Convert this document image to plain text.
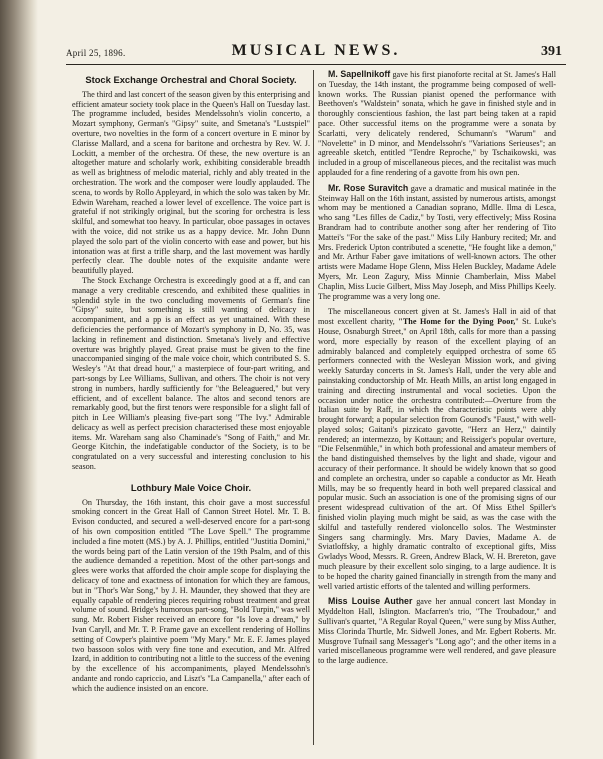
April 25, 1896.	MUSICAL NEWS.	391
Stock Exchange Orchestral and Choral Society.

The third and last concert of the season given by this enterprising and efficient amateur society took place in the Queen's Hall on Tuesday last. The programme included, besides Mendelssohn's violin concerto, a Mozart symphony, German's "Gipsy" suite, and Smetana's "Lustspiel" overture, two novelties in the form of a concert overture in E minor by Clarisse Mallard, and a scena for baritone and orchestra by Rev. W. J. Lockitt, a member of the orchestra. Of these, the new overture is an altogether mature and scholarly work, exhibiting considerable breadth as well as brightness of melodic material, richly and ably treated in the orchestration. The work and the composer were loudly applauded. The scena, to words by Rollo Appleyard, in which the solo was taken by Mr. Edwin Wareham, reached a lower level of excellence. The voice part is grateful if not strikingly original, but the scoring for orchestra is less skilful, and somewhat too heavy. In particular, oboe passages in octaves with the voice, did not strike us as a happy device. Mr. John Dunn played the solo part of the violin concerto with ease and power, but his intonation was at first a trifle sharp, and the last movement was hardly perfectly clear. The double notes of the exquisite andante were beautifully played.

The Stock Exchange Orchestra is exceedingly good at a ff, and can manage a very creditable crescendo, and exhibited these qualities in splendid style in the two concluding movements of German's fine "Gipsy" suite, but something is still wanting of delicacy in accompaniment, and a pp is an effect as yet unattained. With these deficiencies the performance of Mozart's symphony in D, No. 35, was lacking in refinement and distinction. Smetana's lively and effective overture was brightly played. Great praise must be given to the fine unaccompanied singing of the male voice choir, which contributed S. S. Wesley's "At that dread hour," a masterpiece of four-part writing, and part-songs by Lee Williams, Sullivan, and others. The choir is not very strong in numbers, hardly sufficiently for "the Beleaguered," but very efficient, and of excellent balance. The altos and second tenors are remarkably good, but the first tenors were responsible for a slight fall of pitch in Lee William's pleasing five-part song "The Ivy." Admirable delicacy as well as perfect precision characterised these most enjoyable items. Mr. Wareham sang also Chaminade's "Song of Faith," and Mr. George Kitchin, the indefatigable conductor of the Society, is to be congratulated on a very successful and interesting conclusion to his season.

Lothbury Male Voice Choir.

On Thursday, the 16th instant, this choir gave a most successful smoking concert in the Great Hall of Cannon Street Hotel. Mr. T. B. Evison conducted, and secured a well-deserved encore for a part-song of his own composition entitled "The Love Spell." The programme included a fine motett (MS.) by A. J. Phillips, entitled "Justitia Domini," the words being part of the Latin version of the 19th Psalm, and of this the audience demanded a repetition. Most of the other part-songs and glees were works that afforded the choir ample scope for displaying the delicacy of tone and exactness of intonation for which they are famous, but in "Thor's War Song," by J. H. Maunder, they showed that they are equally capable of rendering pieces requiring robust treatment and great volume of sound. Bridge's humorous part-song, "Bold Turpin," was well sung. Mr. Robert Fisher received an encore for "Is love a dream," by Ivan Caryll, and Mr. T. P. Frame gave an excellent rendering of Hollins setting of Cowper's plaintive poem "My Mary." Mr. E. F. James played two bassoon solos with very fine tone and execution, and Mr. Alfred Izard, in addition to contributing not a little to the success of the evening by the excellence of his accompaniments, played Mendelssohn's andante and rondo capriccio, and Liszt's "La Campanella," after each of which the audience insisted on an encore.

M. Sapellnikoff gave his first pianoforte recital at St. James's Hall on Tuesday, the 14th instant, the programme being composed of well-known works. The Russian pianist opened the performance with Beethoven's "Waldstein" sonata, which he gave in finished style and in thoroughly conscientious fashion, the last part being taken at a rapid pace. Other successful items on the programme were a sonata by Scarlatti, very delicately rendered, Schumann's "Warum" and "Novelette" in D minor, and Mendelssohn's "Variations Serieuses"; an agreeable sketch, entitled "Tendre Reproche," by Tschaikowski, was included in a group of miscellaneous pieces, and the recitalist was much applauded for a fine rendering of a gavotte from his own pen.

Mr. Rose Suravitch gave a dramatic and musical matinée in the Steinway Hall on the 16th instant, assisted by numerous artists, amongst whom may be mentioned a Canadian soprano, Mdlle. Ilma di Lesca, who sang "Les filles de Cadiz," by Tosti, very effectively; Miss Rosina Brandram had to contribute another song after her rendering of Tito Mattei's "For the sake of the past." Miss Lily Hanbury recited; Mr. and Mrs. Frederick Upton contributed a scenette, "He fought like a demon," and Mr. Arthur Faber gave imitations of well-known actors. The other artists were Madame Hope Glenn, Miss Helen Buckley, Madame Adele Myers, Mr. Leon Zagury, Miss Minnie Chamberlain, Miss Mabel Chaplin, Miss Lucie Gilbert, Miss May Joseph, and Miss Phillips Keely. The programme was a very long one.

The miscellaneous concert given at St. James's Hall in aid of that most excellent charity, "The Home for the Dying Poor," St. Luke's House, Osnaburgh Street," on April 18th, calls for more than a passing word, more especially by reason of the excellent playing of an admirably balanced and completely equipped orchestra of some 65 performers connected with the Wesleyan Mission work, and giving weekly Saturday concerts in St. James's Hall, under the very able and painstaking conductorship of Mr. Heath Mills, an artist long engaged in training and directing instrumental and vocal societies. Upon the occasion under notice the orchestra contributed:—Overture from the Italian suite by Raff, in which the characteristic points were ably brought forward; a popular selection from Gounod's "Faust," with well-played solos; Gaitani's pizzicato gavotte, "Herz an Herz," daintily rendered; an intermezzo, by Kottaun; and Reissiger's popular overture, "Die Felsenmühle," in which both professional and amateur members of the band distinguished themselves by the light and shade, vigour and accuracy of their performance. It should be widely known that so good and complete an orchestra, under so capable a conductor as Mr. Heath Mills, may be so frequently heard in both well prepared classical and popular music. Such an association is one of the promising signs of our present widespread cultivation of the art. Of Miss Ethel Spiller's finished violin playing much might be said, as was the case with the skilful and tastefully rendered violoncello solos. The Westminster Singers sang charmingly. Mrs. Mary Davies, Madame A. de Sviatloffsky, a highly dramatic contralto of exceptional gifts, Miss Gwladys Wood, Messrs. R. Green, Andrew Black, W. H. Brereton, gave much pleasure by their excellent solo singing, to a large audience. It is to be hoped the charity gained financially in strength from the many and well varied artistic efforts of the talented and willing performers.

Miss Louise Auther gave her annual concert last Monday in Myddelton Hall, Islington. Macfarren's trio, "The Troubadour," and Sullivan's quartet, "A Regular Royal Queen," were sung by Miss Auther, Miss Clorinda Thurtle, Mr. Sidwell Jones, and Mr. Egbert Roberts. Mr. Musgrove Tufnail sang Messager's "Long ago"; and the other items in a varied miscellaneous programme were well rendered, and gave pleasure to the large audience.
